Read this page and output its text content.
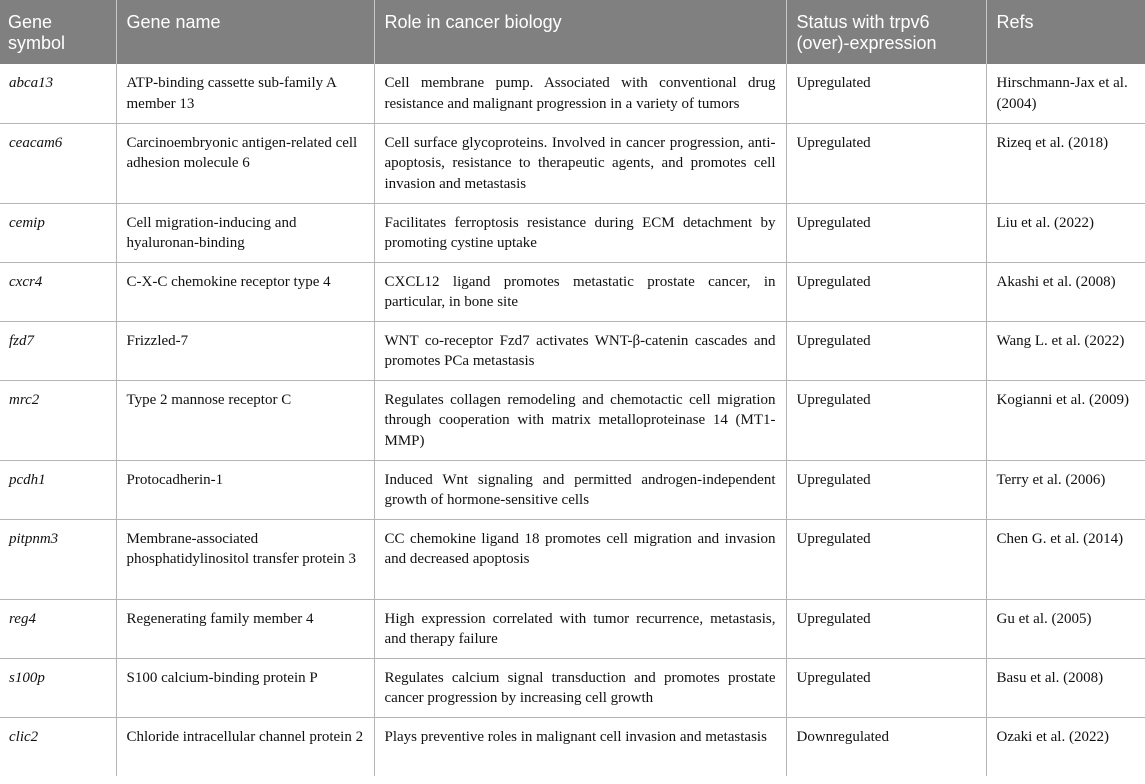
Gene symbol	Gene name	Role in cancer biology	Status with trpv6 (over)-expression	Refs
abca13	ATP-binding cassette sub-family A member 13	Cell membrane pump. Associated with conventional drug resistance and malignant progression in a variety of tumors	Upregulated	Hirschmann-Jax et al. (2004)
ceacam6	Carcinoembryonic antigen-related cell adhesion molecule 6	Cell surface glycoproteins. Involved in cancer progression, anti-apoptosis, resistance to therapeutic agents, and promotes cell invasion and metastasis	Upregulated	Rizeq et al. (2018)
cemip	Cell migration-inducing and hyaluronan-binding	Facilitates ferroptosis resistance during ECM detachment by promoting cystine uptake	Upregulated	Liu et al. (2022)
cxcr4	C-X-C chemokine receptor type 4	CXCL12 ligand promotes metastatic prostate cancer, in particular, in bone site	Upregulated	Akashi et al. (2008)
fzd7	Frizzled-7	WNT co-receptor Fzd7 activates WNT-β-catenin cascades and promotes PCa metastasis	Upregulated	Wang L. et al. (2022)
mrc2	Type 2 mannose receptor C	Regulates collagen remodeling and chemotactic cell migration through cooperation with matrix metalloproteinase 14 (MT1-MMP)	Upregulated	Kogianni et al. (2009)
pcdh1	Protocadherin-1	Induced Wnt signaling and permitted androgen-independent growth of hormone-sensitive cells	Upregulated	Terry et al. (2006)
pitpnm3	Membrane-associated phosphatidylinositol transfer protein 3	CC chemokine ligand 18 promotes cell migration and invasion and decreased apoptosis	Upregulated	Chen G. et al. (2014)
reg4	Regenerating family member 4	High expression correlated with tumor recurrence, metastasis, and therapy failure	Upregulated	Gu et al. (2005)
s100p	S100 calcium-binding protein P	Regulates calcium signal transduction and promotes prostate cancer progression by increasing cell growth	Upregulated	Basu et al. (2008)
clic2	Chloride intracellular channel protein 2	Plays preventive roles in malignant cell invasion and metastasis	Downregulated	Ozaki et al. (2022)
